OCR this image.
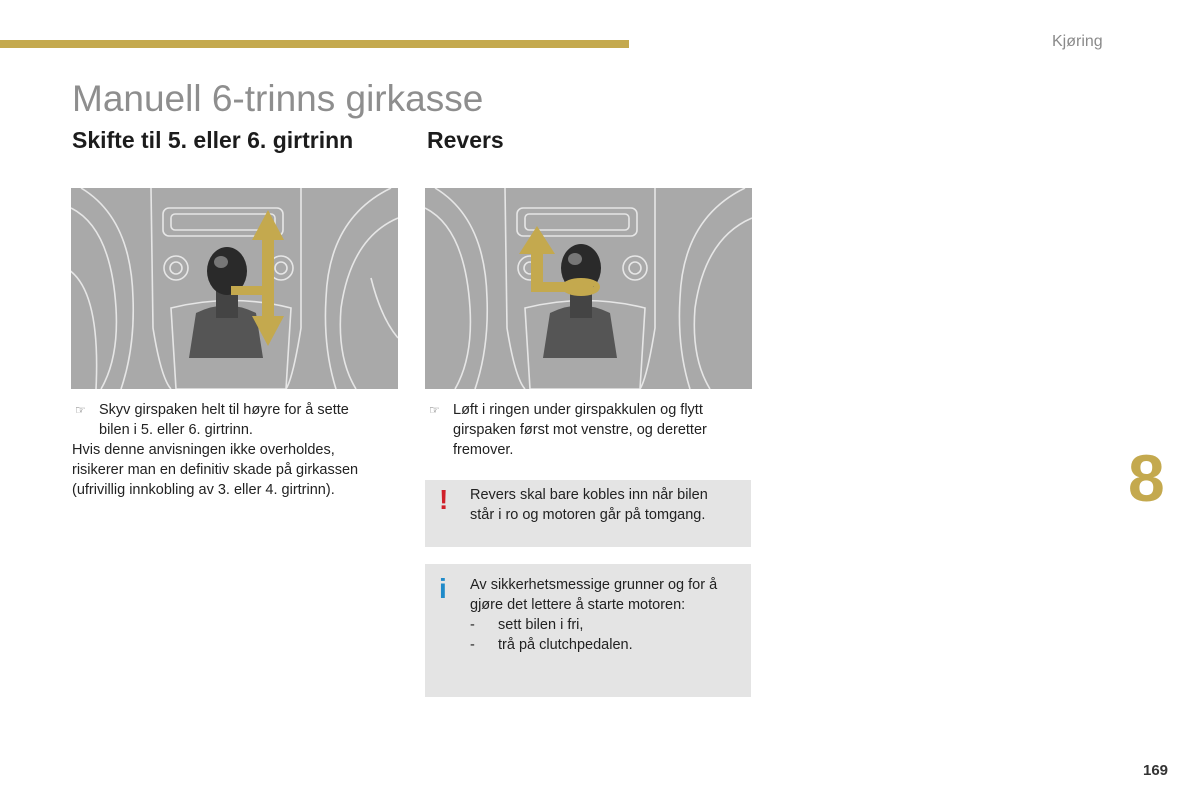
Kjøring
Manuell 6-trinns girkasse
Skifte til 5. eller 6. girtrinn	Revers
☞ Skyv girspaken helt til høyre for å sette
bilen i 5. eller 6. girtrinn.
Hvis denne anvisningen ikke overholdes,
risikerer man en definitiv skade på girkassen
(ufrivillig innkobling av 3. eller 4. girtrinn).
☞ Løft i ringen under girspakkulen og flytt
girspaken først mot venstre, og deretter
fremover.
! Revers skal bare kobles inn når bilen
står i ro og motoren går på tomgang.
i Av sikkerhetsmessige grunner og for å
gjøre det lettere å starte motoren:
-	sett bilen i fri,
-	trå på clutchpedalen.
8
169
